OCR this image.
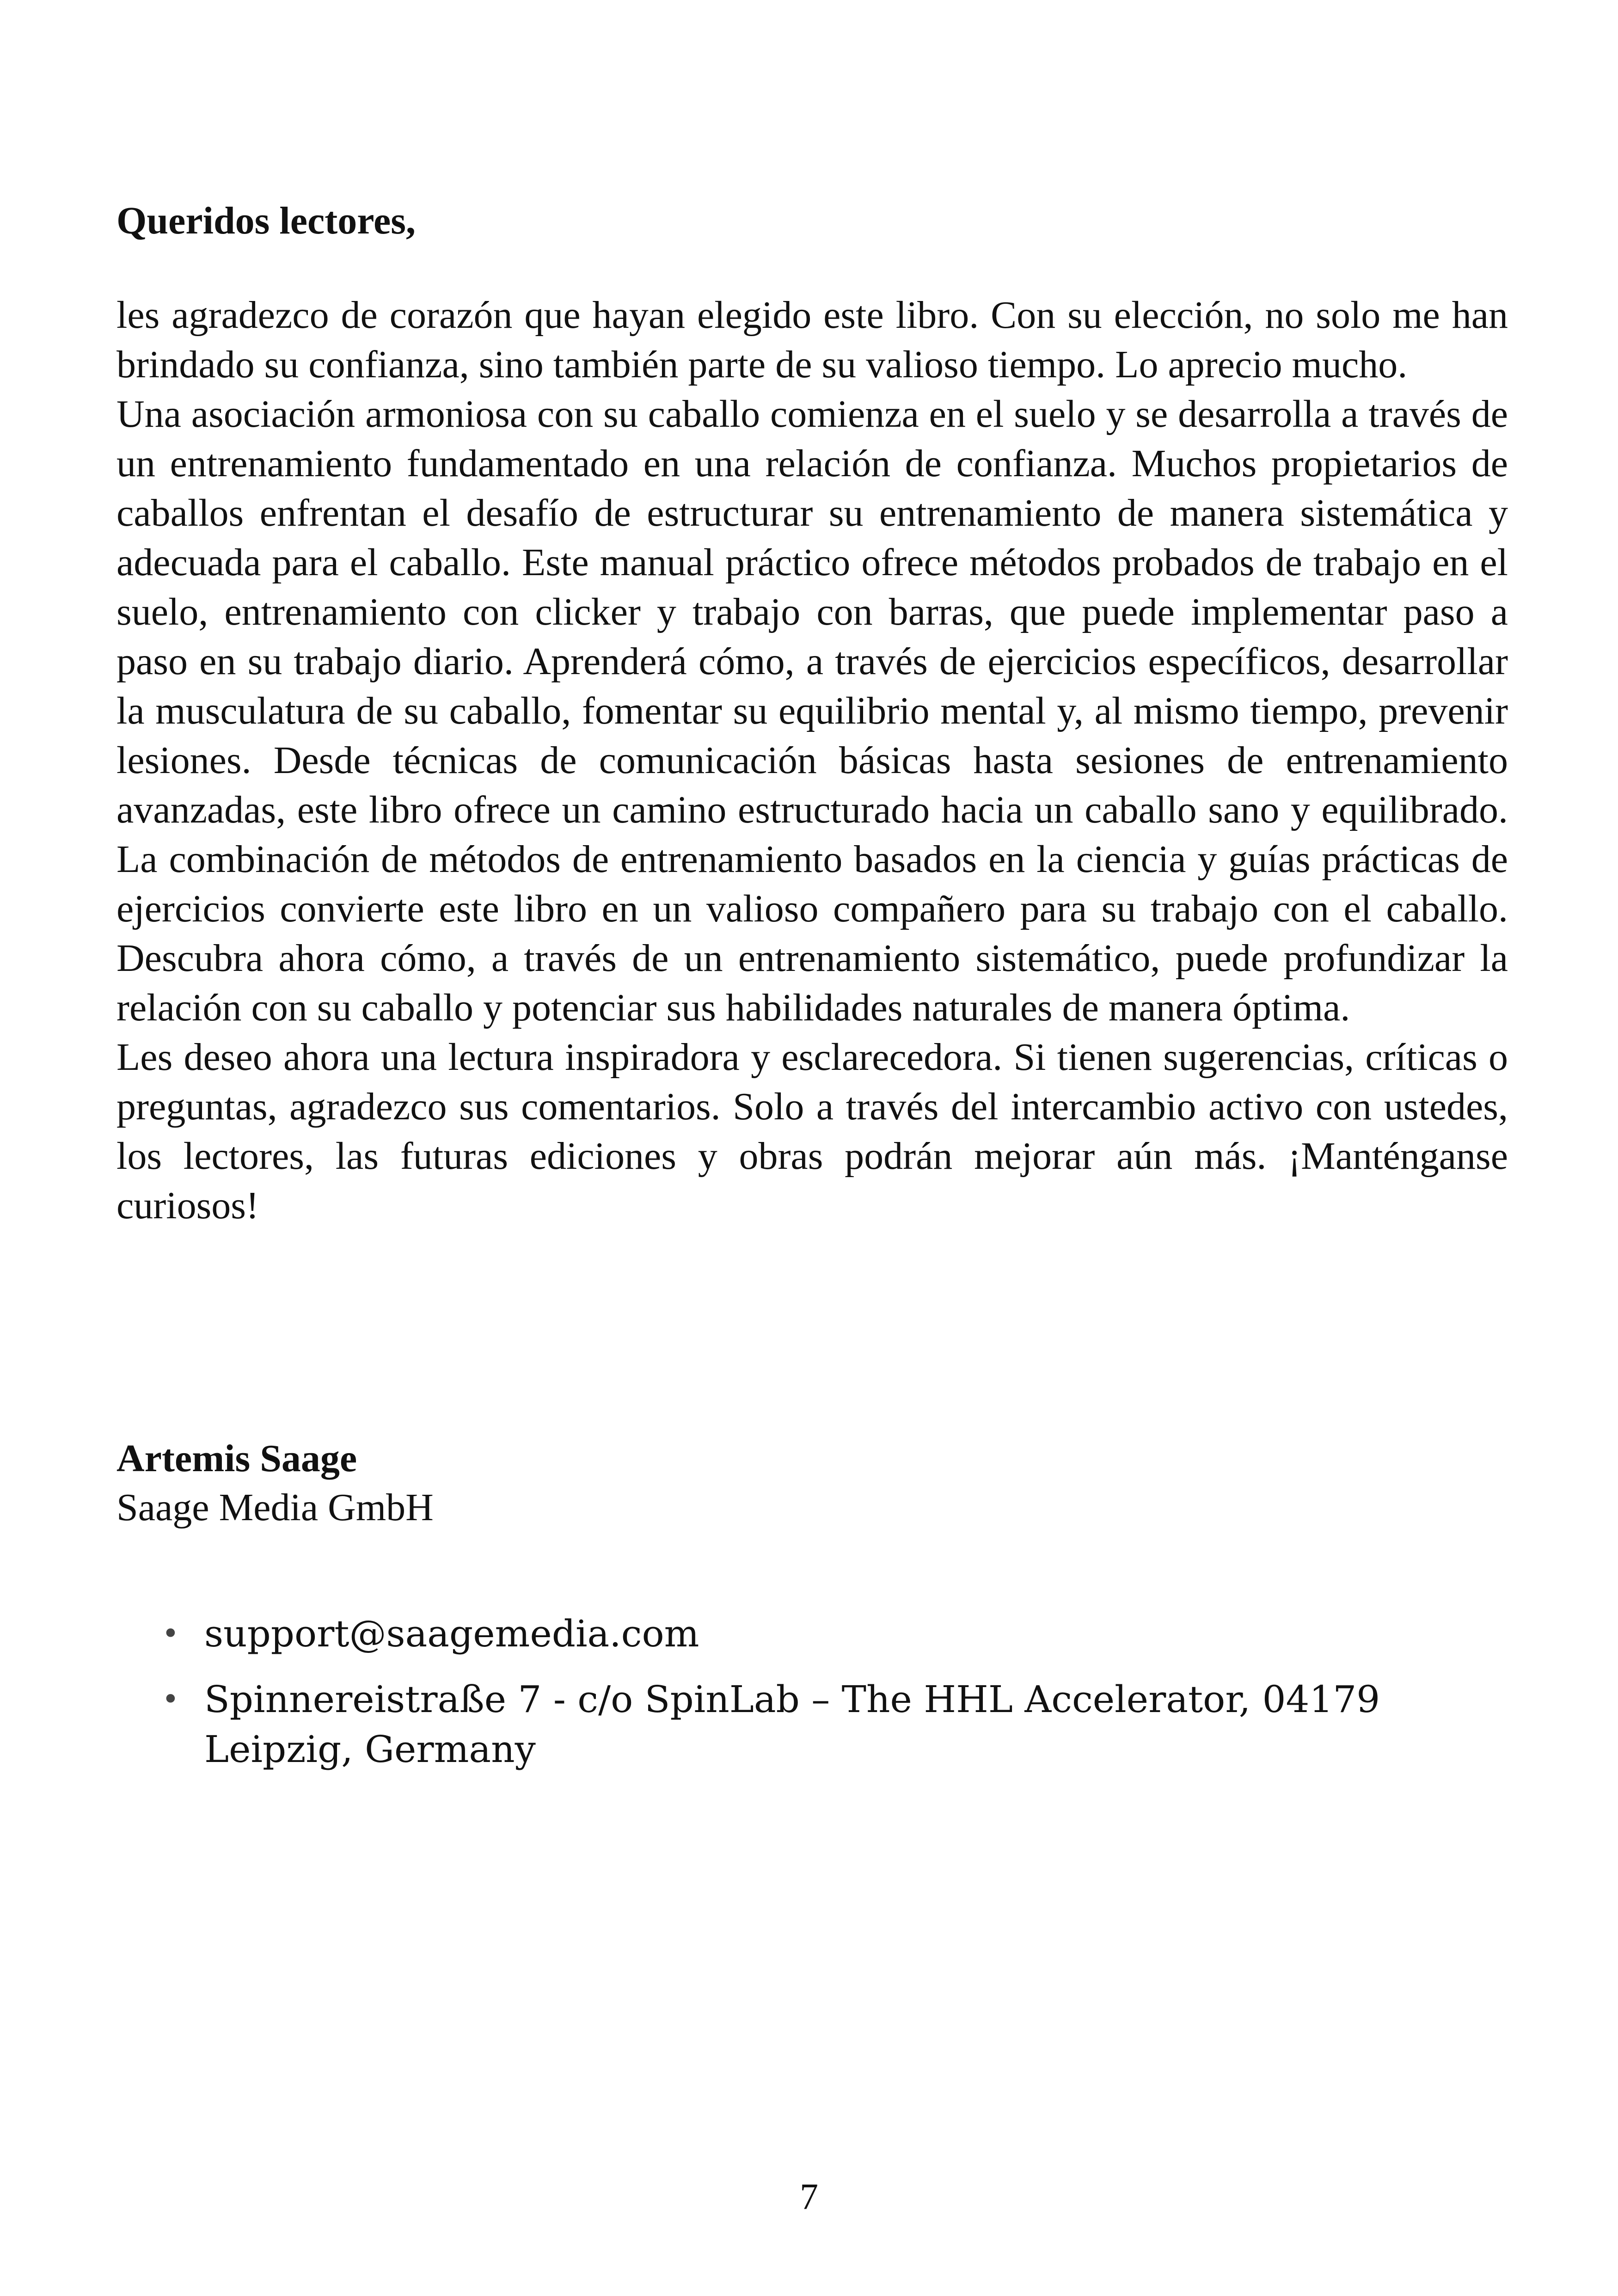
Queridos lectores,

les agradezco de corazón que hayan elegido este libro. Con su elección, no solo me han brindado su confianza, sino también parte de su valioso tiempo. Lo aprecio mucho.

Una asociación armoniosa con su caballo comienza en el suelo y se desarrolla a través de un entrenamiento fundamentado en una relación de confianza. Muchos propietarios de caballos enfrentan el desafío de estructurar su entrenamiento de manera sistemática y adecuada para el caballo. Este manual práctico ofrece métodos probados de trabajo en el suelo, entrenamiento con clicker y trabajo con barras, que puede implementar paso a paso en su trabajo diario. Aprenderá cómo, a través de ejercicios específicos, desarrollar la musculatura de su caballo, fomentar su equilibrio mental y, al mismo tiempo, prevenir lesiones. Desde técnicas de comunicación básicas hasta sesiones de entrenamiento avanzadas, este libro ofrece un camino estructurado hacia un caballo sano y equilibrado. La combinación de métodos de entrenamiento basados en la ciencia y guías prácticas de ejercicios convierte este libro en un valioso compañero para su trabajo con el caballo. Descubra ahora cómo, a través de un entrenamiento sistemático, puede profundizar la relación con su caballo y potenciar sus habilidades naturales de manera óptima.

Les deseo ahora una lectura inspiradora y esclarecedora. Si tienen sugerencias, críticas o preguntas, agradezco sus comentarios. Solo a través del intercambio activo con ustedes, los lectores, las futuras ediciones y obras podrán mejorar aún más. ¡Manténganse curiosos!

Artemis Saage
Saage Media GmbH
• support@saagemedia.com
• Spinnereistraße 7 - c/o SpinLab – The HHL Accelerator, 04179 Leipzig, Germany

7
